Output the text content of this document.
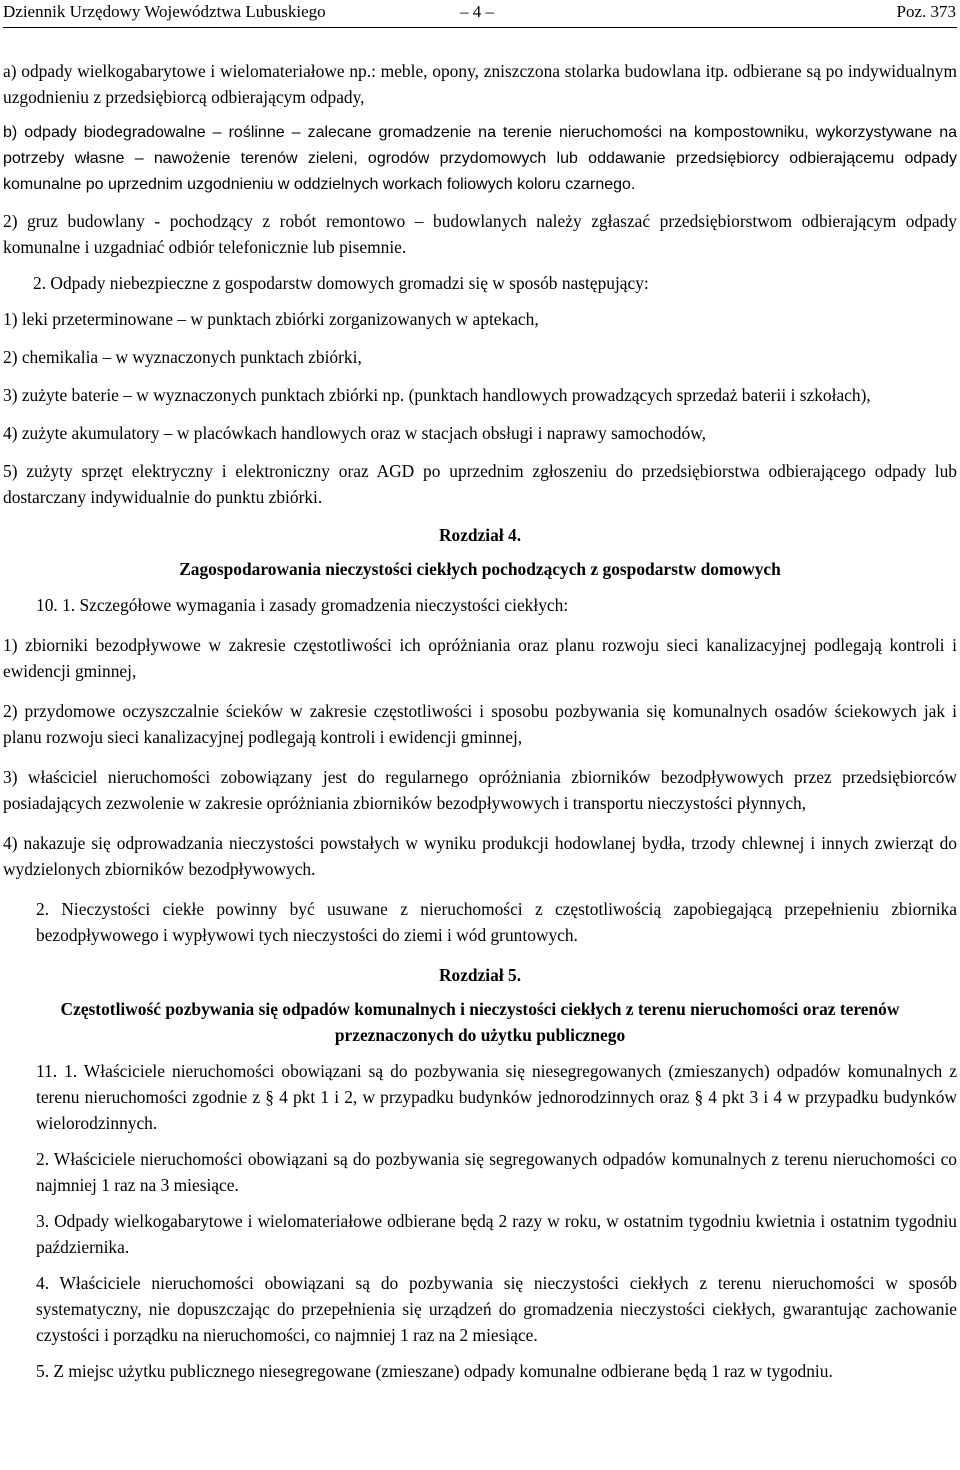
Dziennik Urzędowy Województwa Lubuskiego	– 4 –	Poz. 373

a) odpady wielkogabarytowe i wielomateriałowe np.: meble, opony, zniszczona stolarka budowlana itp. odbierane są po indywidualnym uzgodnieniu z przedsiębiorcą odbierającym odpady,

b) odpady biodegradowalne – roślinne – zalecane gromadzenie na terenie nieruchomości na kompostowniku, wykorzystywane na potrzeby własne – nawożenie terenów zieleni, ogrodów przydomowych lub oddawanie przedsiębiorcy odbierającemu odpady komunalne po uprzednim uzgodnieniu w oddzielnych workach foliowych koloru czarnego.

2) gruz budowlany - pochodzący z robót remontowo – budowlanych należy zgłaszać przedsiębiorstwom odbierającym odpady komunalne i uzgadniać odbiór telefonicznie lub pisemnie.

2. Odpady niebezpieczne z gospodarstw domowych gromadzi się w sposób następujący:

1) leki przeterminowane – w punktach zbiórki zorganizowanych w aptekach,

2) chemikalia – w wyznaczonych punktach zbiórki,

3) zużyte baterie – w wyznaczonych punktach zbiórki np. (punktach handlowych prowadzących sprzedaż baterii i szkołach),

4) zużyte akumulatory – w placówkach handlowych oraz w stacjach obsługi i naprawy samochodów,

5) zużyty sprzęt elektryczny i elektroniczny oraz AGD po uprzednim zgłoszeniu do przedsiębiorstwa odbierającego odpady lub dostarczany indywidualnie do punktu zbiórki.

Rozdział 4.

Zagospodarowania nieczystości ciekłych pochodzących z gospodarstw domowych

10. 1. Szczegółowe wymagania i zasady gromadzenia nieczystości ciekłych:

1) zbiorniki bezodpływowe w zakresie częstotliwości ich opróżniania oraz planu rozwoju sieci kanalizacyjnej podlegają kontroli i ewidencji gminnej,

2) przydomowe oczyszczalnie ścieków w zakresie częstotliwości i sposobu pozbywania się komunalnych osadów ściekowych jak i planu rozwoju sieci kanalizacyjnej podlegają kontroli i ewidencji gminnej,

3) właściciel nieruchomości zobowiązany jest do regularnego opróżniania zbiorników bezodpływowych przez przedsiębiorców posiadających zezwolenie w zakresie opróżniania zbiorników bezodpływowych i transportu nieczystości płynnych,

4) nakazuje się odprowadzania nieczystości powstałych w wyniku produkcji hodowlanej bydła, trzody chlewnej i innych zwierząt do wydzielonych zbiorników bezodpływowych.

2. Nieczystości ciekłe powinny być usuwane z nieruchomości z częstotliwością zapobiegającą przepełnieniu zbiornika bezodpływowego i wypływowi tych nieczystości do ziemi i wód gruntowych.

Rozdział 5.

Częstotliwość pozbywania się odpadów komunalnych i nieczystości ciekłych z terenu nieruchomości oraz terenów przeznaczonych do użytku publicznego

11. 1. Właściciele nieruchomości obowiązani są do pozbywania się niesegregowanych (zmieszanych) odpadów komunalnych z terenu nieruchomości zgodnie z § 4 pkt 1 i 2, w przypadku budynków jednorodzinnych oraz § 4 pkt 3 i 4 w przypadku budynków wielorodzinnych.

2. Właściciele nieruchomości obowiązani są do pozbywania się segregowanych odpadów komunalnych z terenu nieruchomości co najmniej 1 raz na 3 miesiące.

3. Odpady wielkogabarytowe i wielomateriałowe odbierane będą 2 razy w roku, w ostatnim tygodniu kwietnia i ostatnim tygodniu października.

4. Właściciele nieruchomości obowiązani są do pozbywania się nieczystości ciekłych z terenu nieruchomości w sposób systematyczny, nie dopuszczając do przepełnienia się urządzeń do gromadzenia nieczystości ciekłych, gwarantując zachowanie czystości i porządku na nieruchomości, co najmniej 1 raz na 2 miesiące.

5. Z miejsc użytku publicznego niesegregowane (zmieszane) odpady komunalne odbierane będą 1 raz w tygodniu.
